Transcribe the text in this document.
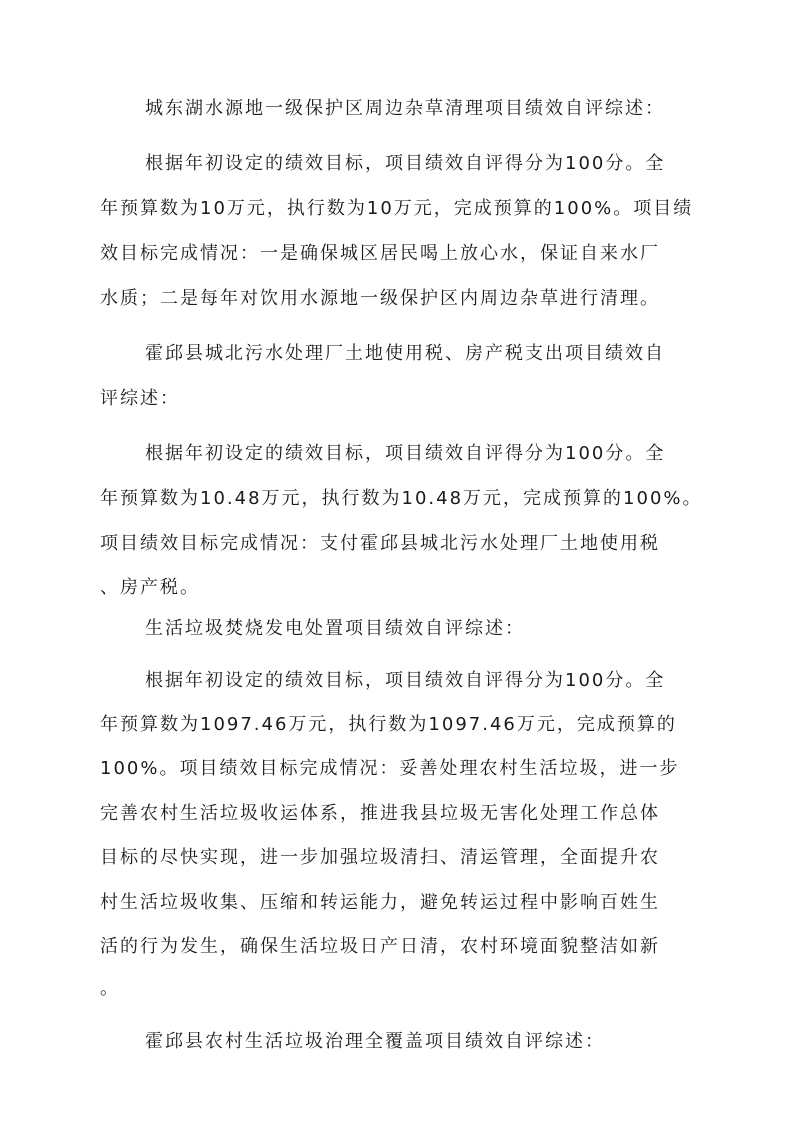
城东湖水源地一级保护区周边杂草清理项目绩效自评综述：
根据年初设定的绩效目标，项目绩效自评得分为100分。全
年预算数为10万元，执行数为10万元，完成预算的100%。项目绩
效目标完成情况：一是确保城区居民喝上放心水，保证自来水厂
水质；二是每年对饮用水源地一级保护区内周边杂草进行清理。
霍邱县城北污水处理厂土地使用税、房产税支出项目绩效自
评综述：
根据年初设定的绩效目标，项目绩效自评得分为100分。全
年预算数为10.48万元，执行数为10.48万元，完成预算的100%。
项目绩效目标完成情况：支付霍邱县城北污水处理厂土地使用税
、房产税。
生活垃圾焚烧发电处置项目绩效自评综述：
根据年初设定的绩效目标，项目绩效自评得分为100分。全
年预算数为1097.46万元，执行数为1097.46万元，完成预算的
100%。项目绩效目标完成情况：妥善处理农村生活垃圾，进一步
完善农村生活垃圾收运体系，推进我县垃圾无害化处理工作总体
目标的尽快实现，进一步加强垃圾清扫、清运管理，全面提升农
村生活垃圾收集、压缩和转运能力，避免转运过程中影响百姓生
活的行为发生，确保生活垃圾日产日清，农村环境面貌整洁如新
。
霍邱县农村生活垃圾治理全覆盖项目绩效自评综述：
